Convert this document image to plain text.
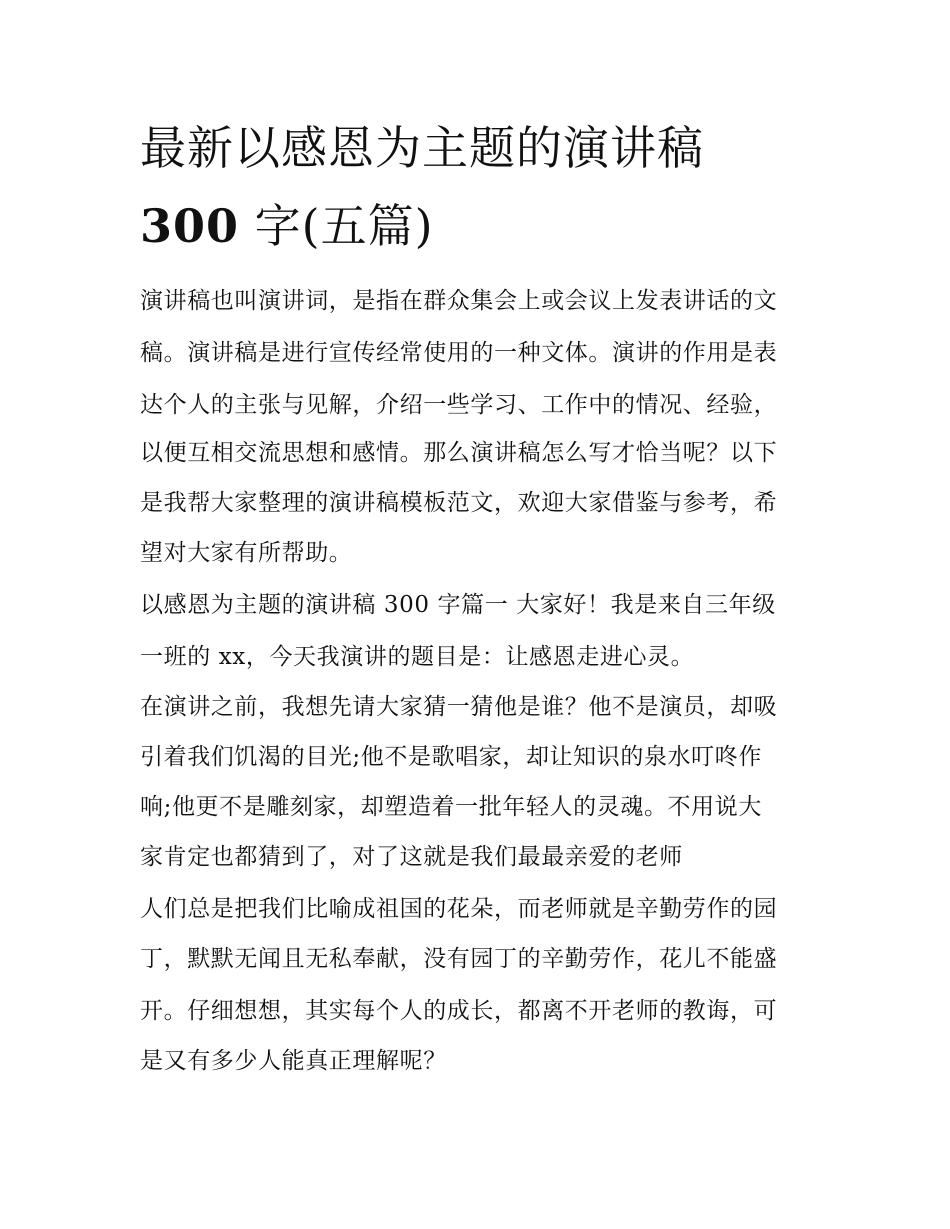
最新以感恩为主题的演讲稿
300 字(五篇)
演讲稿也叫演讲词，是指在群众集会上或会议上发表讲话的文
稿。演讲稿是进行宣传经常使用的一种文体。演讲的作用是表
达个人的主张与见解，介绍一些学习、工作中的情况、经验，
以便互相交流思想和感情。那么演讲稿怎么写才恰当呢？以下
是我帮大家整理的演讲稿模板范文，欢迎大家借鉴与参考，希
望对大家有所帮助。
以感恩为主题的演讲稿 300 字篇一 大家好！我是来自三年级
一班的 xx，今天我演讲的题目是：让感恩走进心灵。
在演讲之前，我想先请大家猜一猜他是谁？他不是演员，却吸
引着我们饥渴的目光;他不是歌唱家，却让知识的泉水叮咚作
响;他更不是雕刻家，却塑造着一批年轻人的灵魂。不用说大
家肯定也都猜到了，对了这就是我们最最亲爱的老师
人们总是把我们比喻成祖国的花朵，而老师就是辛勤劳作的园
丁，默默无闻且无私奉献，没有园丁的辛勤劳作，花儿不能盛
开。仔细想想，其实每个人的成长，都离不开老师的教诲，可
是又有多少人能真正理解呢？
